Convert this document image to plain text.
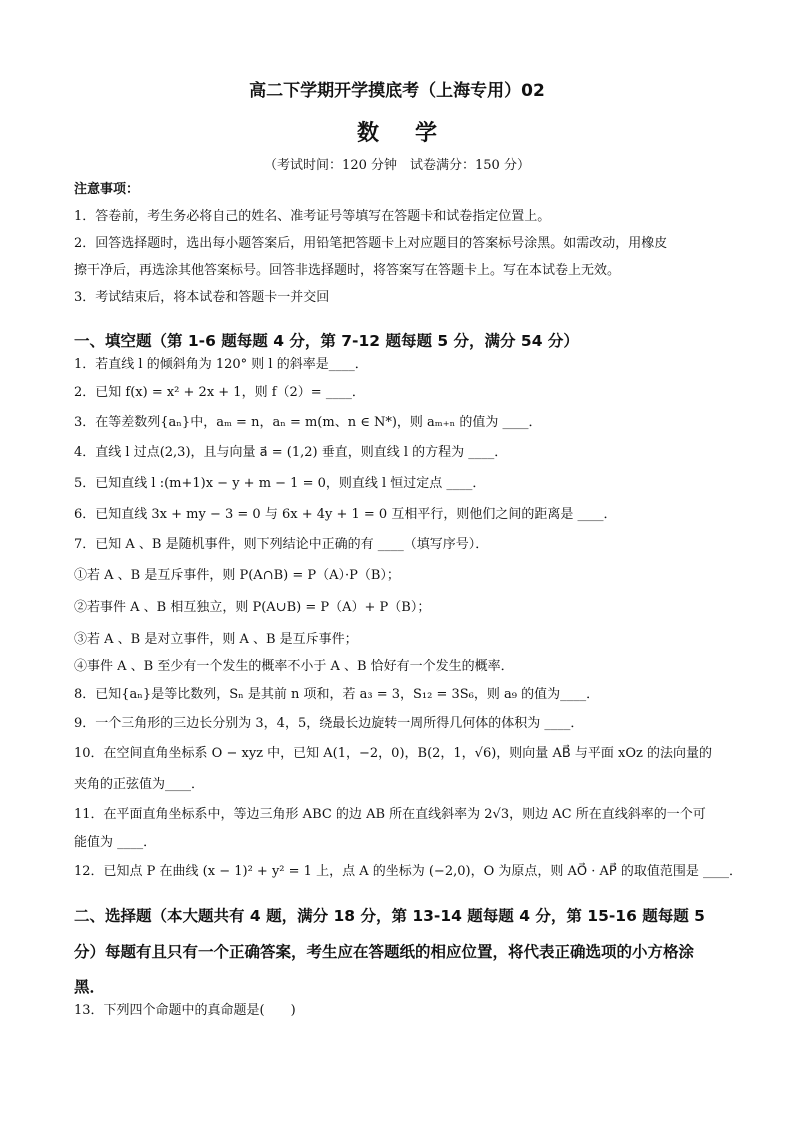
高二下学期开学摸底考（上海专用）02
数学
（考试时间：120 分钟　试卷满分：150 分）
注意事项：
1．答卷前，考生务必将自己的姓名、准考证号等填写在答题卡和试卷指定位置上。
2．回答选择题时，选出每小题答案后，用铅笔把答题卡上对应题目的答案标号涂黑。如需改动，用橡皮
擦干净后，再选涂其他答案标号。回答非选择题时，将答案写在答题卡上。写在本试卷上无效。
3．考试结束后，将本试卷和答题卡一并交回
一、填空题（第 1-6 题每题 4 分，第 7-12 题每题 5 分，满分 54 分）
1．若直线 l 的倾斜角为 120° 则 l 的斜率是____．
2．已知 f(x) = x² + 2x + 1，则 f（2）= ____．
3．在等差数列{aₙ}中，aₘ = n，aₙ = m(m、n ∈ N*)，则 aₘ₊ₙ 的值为 ____．
4．直线 l 过点(2,3)，且与向量 a⃗ = (1,2) 垂直，则直线 l 的方程为 ____．
5．已知直线 l :(m+1)x − y + m − 1 = 0，则直线 l 恒过定点 ____．
6．已知直线 3x + my − 3 = 0 与 6x + 4y + 1 = 0 互相平行，则他们之间的距离是 ____．
7．已知 A 、B 是随机事件，则下列结论中正确的有 ____（填写序号）．
①若 A 、B 是互斥事件，则 P(A∩B) = P（A）·P（B）；
②若事件 A 、B 相互独立，则 P(A∪B) = P（A）+ P（B）；
③若 A 、B 是对立事件，则 A 、B 是互斥事件；
④事件 A 、B 至少有一个发生的概率不小于 A 、B 恰好有一个发生的概率．
8．已知{aₙ}是等比数列，Sₙ 是其前 n 项和，若 a₃ = 3，S₁₂ = 3S₆，则 a₉ 的值为____．
9．一个三角形的三边长分别为 3，4，5，绕最长边旋转一周所得几何体的体积为 ____．
10．在空间直角坐标系 O − xyz 中，已知 A(1，−2，0)，B(2，1，√6)，则向量 AB⃗ 与平面 xOz 的法向量的
夹角的正弦值为____．
11．在平面直角坐标系中，等边三角形 ABC 的边 AB 所在直线斜率为 2√3，则边 AC 所在直线斜率的一个可
能值为 ____．
12．已知点 P 在曲线 (x − 1)² + y² = 1 上，点 A 的坐标为 (−2,0)，O 为原点，则 AO⃗ · AP⃗ 的取值范围是 ____．
二、选择题（本大题共有 4 题，满分 18 分，第 13-14 题每题 4 分，第 15-16 题每题 5
分）每题有且只有一个正确答案，考生应在答题纸的相应位置，将代表正确选项的小方格涂
黑．
13．下列四个命题中的真命题是(　　)
